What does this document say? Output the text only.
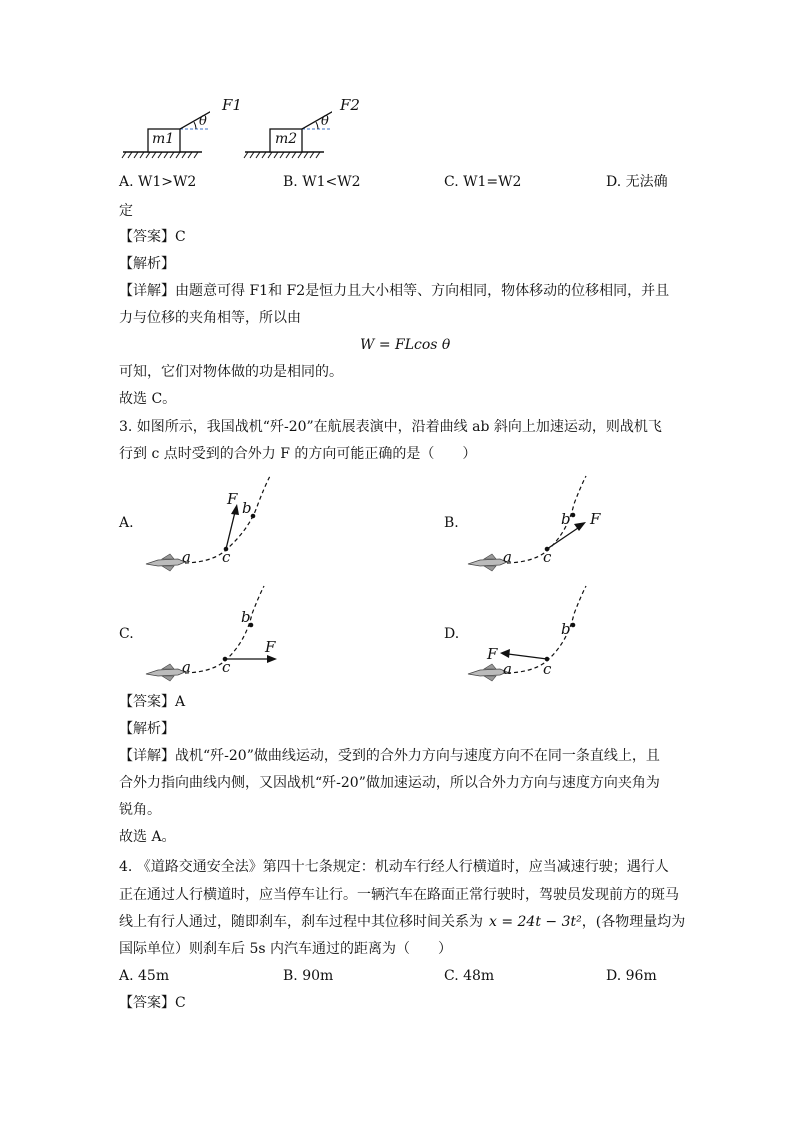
F1
m1
θ
F2
m2
θ
A. W1>W2	B. W1<W2	C. W1=W2	D. 无法确
定
【答案】C
【解析】
【详解】由题意可得 F1和 F2是恒力且大小相等、方向相同，物体移动的位移相同，并且
力与位移的夹角相等，所以由
W = FLcos θ
可知，它们对物体做的功是相同的。
故选 C。
3. 如图所示，我国战机“歼-20”在航展表演中，沿着曲线 ab 斜向上加速运动，则战机飞
行到 c 点时受到的合外力 F 的方向可能正确的是（　　）
A.
F b
a c
B.	F
b
a c
C.
F
b
a c
D.
F
b
a c
【答案】A
【解析】
【详解】战机“歼-20”做曲线运动，受到的合外力方向与速度方向不在同一条直线上，且
合外力指向曲线内侧，又因战机“歼-20”做加速运动，所以合外力方向与速度方向夹角为
锐角。
故选 A。
4. 《道路交通安全法》第四十七条规定：机动车行经人行横道时，应当减速行驶；遇行人
正在通过人行横道时，应当停车让行。一辆汽车在路面正常行驶时，驾驶员发现前方的斑马
线上有行人通过，随即刹车，刹车过程中其位移时间关系为 x = 24t − 3t²，(各物理量均为
国际单位）则刹车后 5s 内汽车通过的距离为（　　）
A. 45m	B. 90m	C. 48m	D. 96m
【答案】C
